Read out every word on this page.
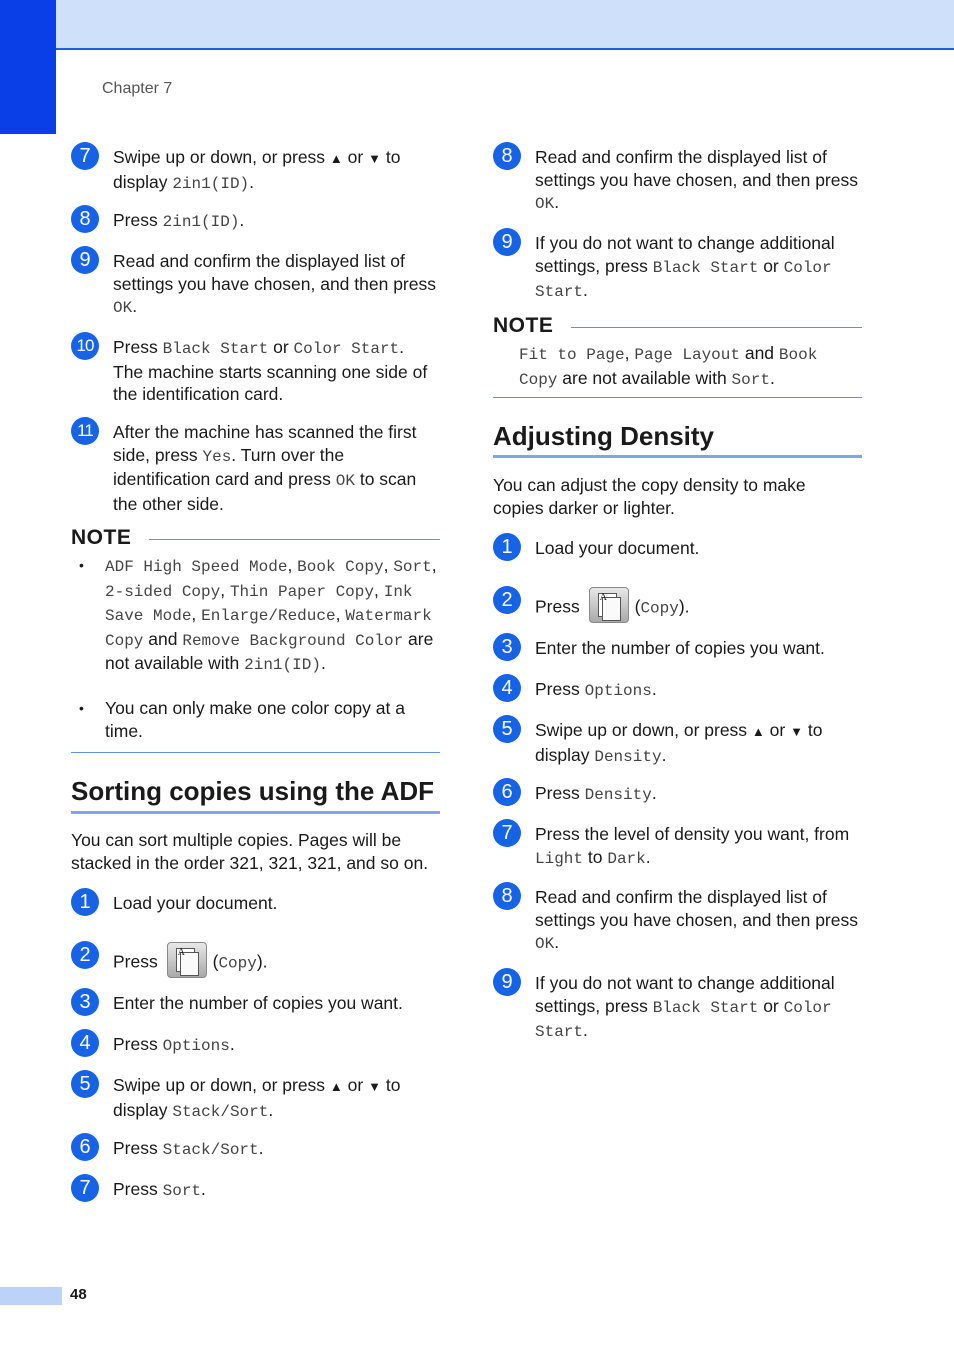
Chapter 7
7	Swipe up or down, or press ▲ or ▼ to display 2in1(ID).
8	Press 2in1(ID).
9	Read and confirm the displayed list of settings you have chosen, and then press OK.
10	Press Black Start or Color Start.
The machine starts scanning one side of the identification card.
11	After the machine has scanned the first side, press Yes. Turn over the identification card and press OK to scan the other side.
NOTE
• ADF High Speed Mode, Book Copy, Sort, 2-sided Copy, Thin Paper Copy, Ink Save Mode, Enlarge/Reduce, Watermark Copy and Remove Background Color are not available with 2in1(ID).
• You can only make one color copy at a time.
Sorting copies using the ADF
You can sort multiple copies. Pages will be stacked in the order 321, 321, 321, and so on.
1	Load your document.
2	Press A (Copy).
3	Enter the number of copies you want.
4	Press Options.
5	Swipe up or down, or press ▲ or ▼ to display Stack/Sort.
6	Press Stack/Sort.
7	Press Sort.
8	Read and confirm the displayed list of settings you have chosen, and then press OK.
9	If you do not want to change additional settings, press Black Start or Color Start.
NOTE
Fit to Page, Page Layout and Book Copy are not available with Sort.
Adjusting Density
You can adjust the copy density to make copies darker or lighter.
1	Load your document.
2	Press A (Copy).
3	Enter the number of copies you want.
4	Press Options.
5	Swipe up or down, or press ▲ or ▼ to display Density.
6	Press Density.
7	Press the level of density you want, from Light to Dark.
8	Read and confirm the displayed list of settings you have chosen, and then press OK.
9	If you do not want to change additional settings, press Black Start or Color Start.
48
